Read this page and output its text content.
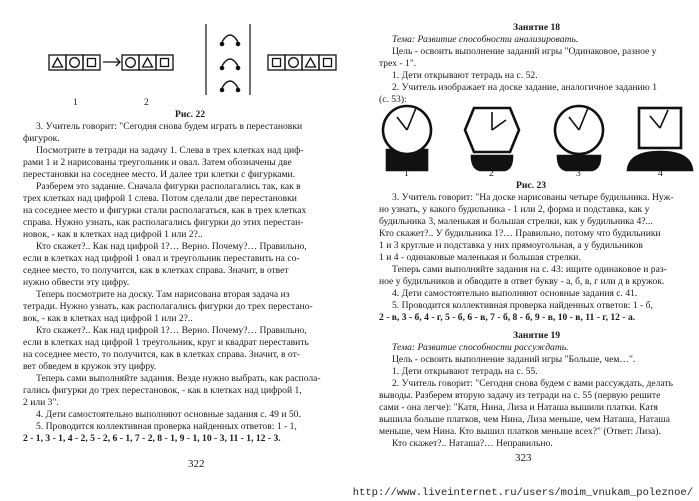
1	2
Рис. 22
3. Учитель говорит: "Сегодня снова будем играть в перестановки
фигурок.
Посмотрите в тетради на задачу 1. Слева в трех клетках над циф-
рами 1 и 2 нарисованы треугольник и овал. Затем обозначены две
перестановки на соседнее место. И далее три клетки с фигурками.
Разберем это задание. Сначала фигурки располагались так, как в
трех клетках над цифрой 1 слева. Потом сделали две перестановки
на соседнее место и фигурки стали располагаться, как в трех клетках
справа. Нужно узнать, как располагались фигурки до этих перестан-
новок, - как в клетках над цифрой 1 или 2?..
Кто скажет?.. Как над цифрой 1?… Верно. Почему?… Правильно,
если в клетках над цифрой 1 овал и треугольник переставить на со-
седнее место, то получится, как в клетках справа. Значит, в ответ
нужно обвести эту цифру.
Теперь посмотрите на доску. Там нарисована вторая задача из
тетради. Нужно узнать, как располагались фигурки до трех перестано-
вок, - как в клетках над цифрой 1 или 2?..
Кто скажет?.. Как над цифрой 1?… Верно. Почему?… Правильно,
если в клетках над цифрой 1 треугольник, круг и квадрат переставить
на соседнее место, то получится, как в клетках справа. Значит, в от-
вет обведем в кружок эту цифру.
Теперь сами выполняйте задания. Везде нужно выбрать, как распола-
гались фигурки до трех перестановок, - как в клетках над цифрой 1,
2 или 3".
4. Дети самостоятельно выполняют основные задания с. 49 и 50.
5. Проводится коллективная проверка найденных ответов: 1 - 1,
2 - 1, 3 - 1, 4 - 2, 5 - 2, 6 - 1, 7 - 2, 8 - 1, 9 - 1, 10 - 3, 11 - 1, 12 - 3.
322
Занятие 18
Тема: Развитие способности анализировать.
Цель - освоить выполнение заданий игры "Одинаковое, разное у
трех - 1".
1. Дети открывают тетрадь на с. 52.
2. Учитель изображает на доске задание, аналогичное заданию 1
(с. 53):
1	2	3	4
Рис. 23
3. Учитель говорит: "На доске нарисованы четыре будильника. Нуж-
но узнать, у какого будильника - 1 или 2, форма и подставка, как у
будильника 3, маленькая и большая стрелки, как у будильника 4?...
Кто скажет?.. У будильника 1?… Правильно, потому что будильники
1 и 3 круглые и подставка у них прямоугольная, а у будильников
1 и 4 - одинаковые маленькая и большая стрелки.
Теперь сами выполняйте задания на с. 43: ищите одинаковое и раз-
ное у будильников и обводите в ответ букву - а, б, в, г или д в кружок.
4. Дети самостоятельно выполняют основные задания с. 41.
5. Проводится коллективная проверка найденных ответов: 1 - б,
2 - в, 3 - б, 4 - г, 5 - б, 6 - в, 7 - б, 8 - б, 9 - в, 10 - в, 11 - г, 12 - а.
Занятие 19
Тема: Развитие способности рассуждать.
Цель - освоить выполнение заданий игры "Больше, чем…".
1. Дети открывают тетрадь на с. 55.
2. Учитель говорит: "Сегодня снова будем с вами рассуждать, делать
выводы. Разберем вторую задачу из тетради на с. 55 (первую решите
сами - она легче): "Катя, Нина, Лиза и Наташа вышили платки. Катя
вышила больше платков, чем Нина, Лиза меньше, чем Наташа, Наташа
меньше, чем Нина. Кто вышил платков меньше всех?" (Ответ: Лиза).
Кто скажет?.. Наташа?… Неправильно.
323
http://www.liveinternet.ru/users/moim_vnukam_poleznoe/
